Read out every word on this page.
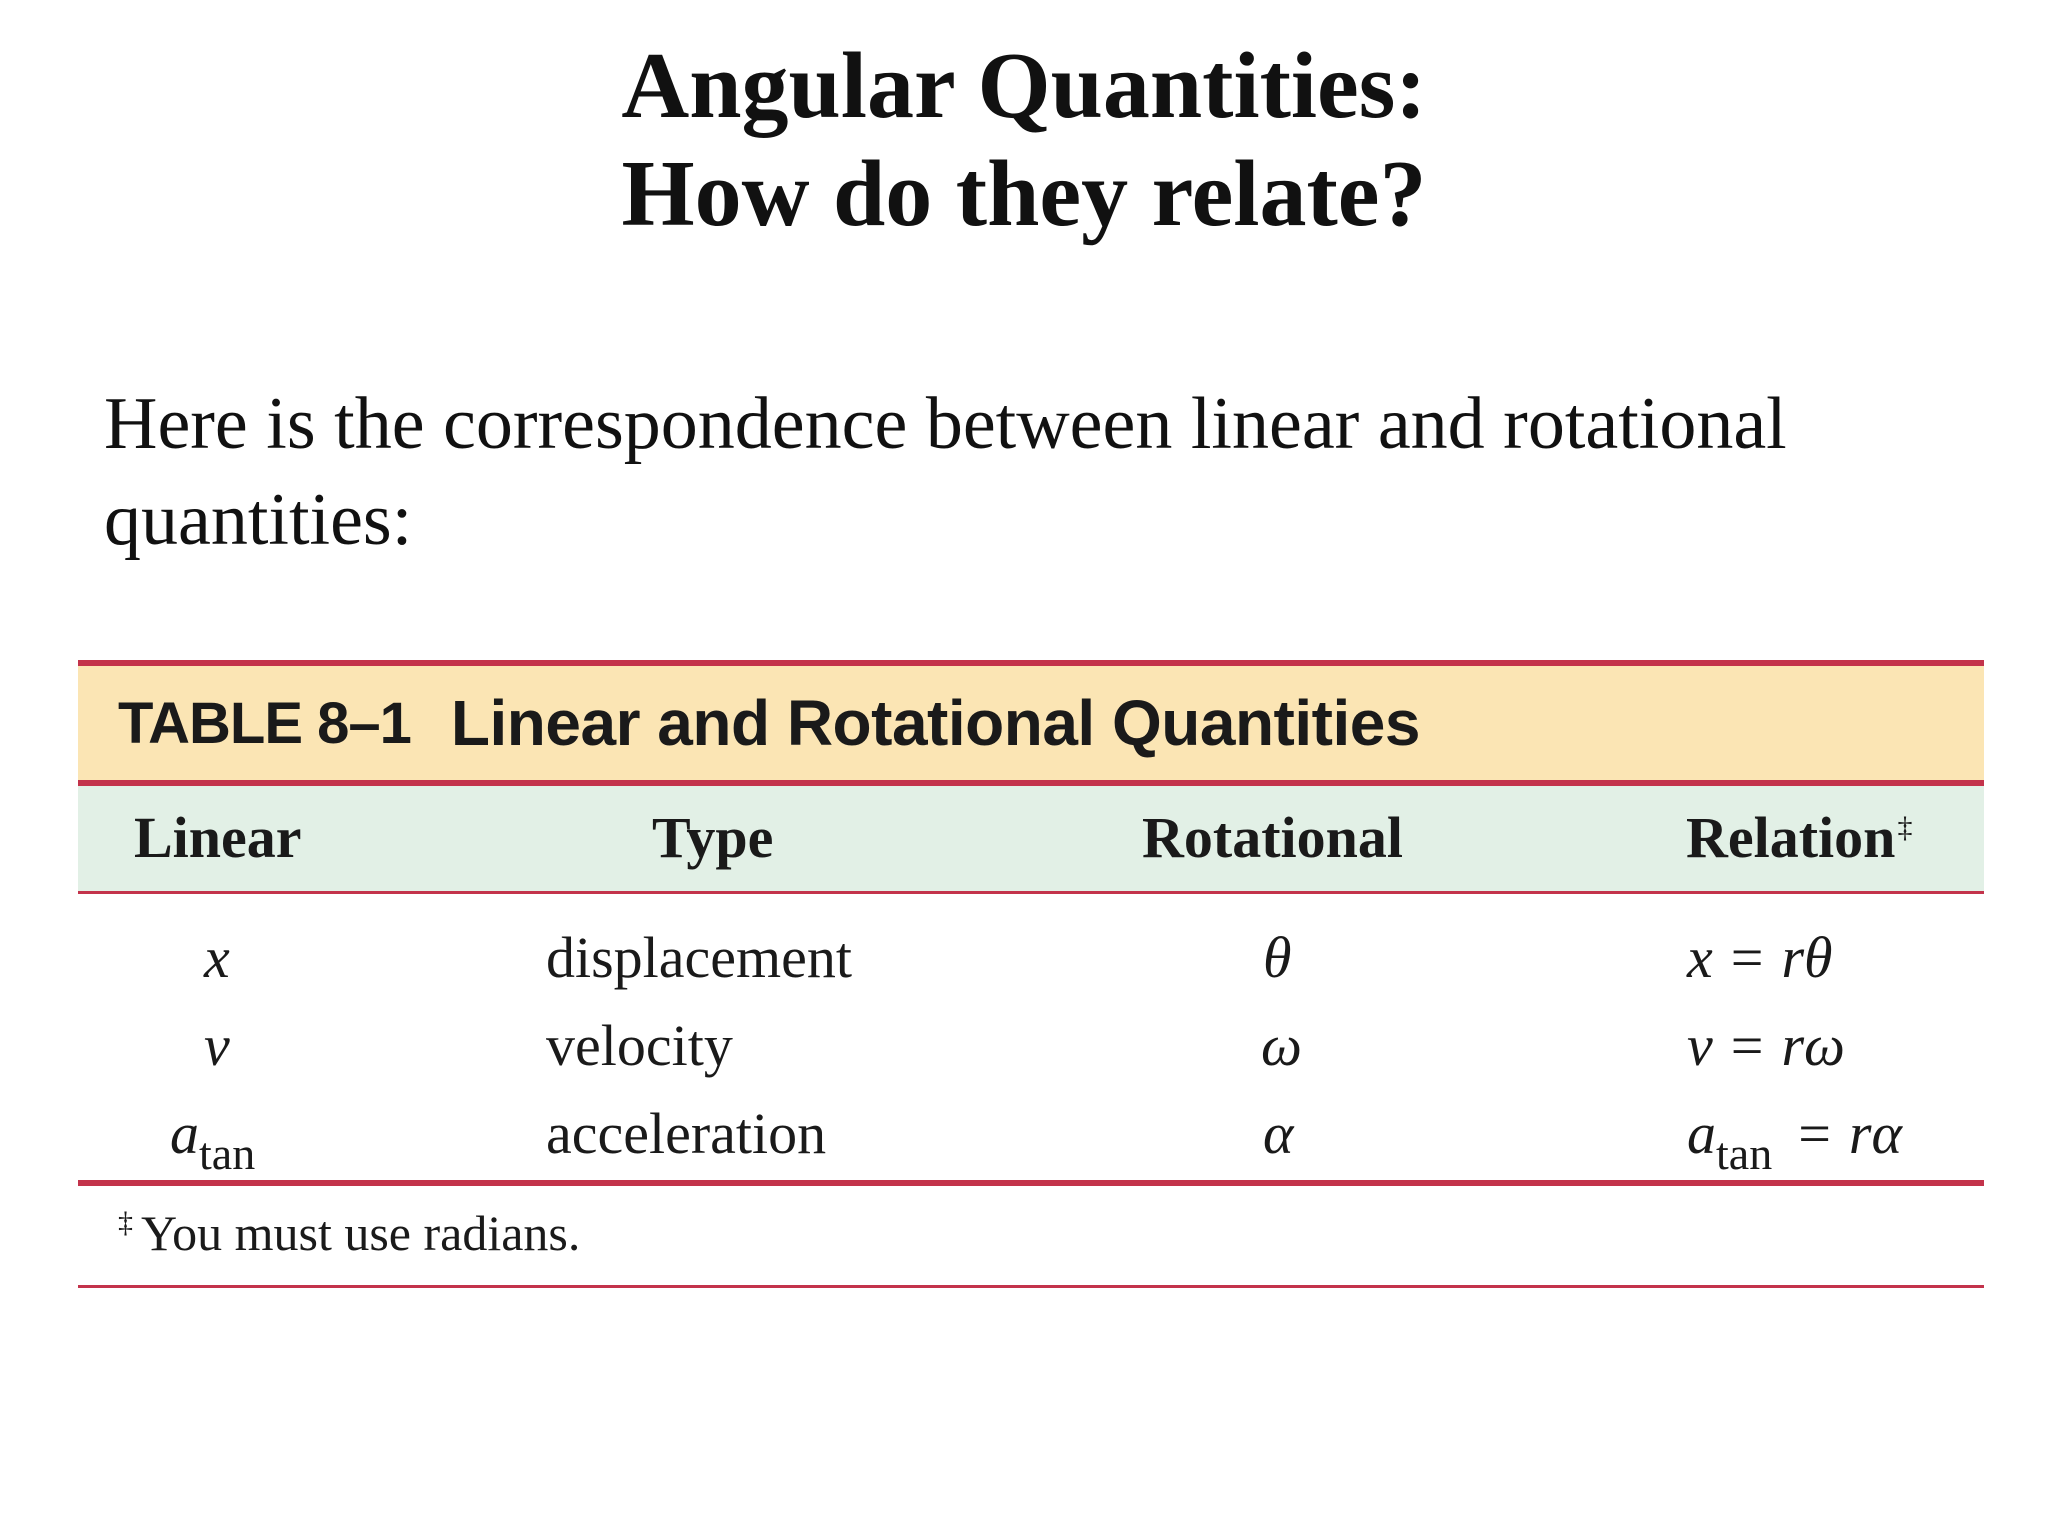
Angular Quantities:
How do they relate?
Here is the correspondence between linear and rotational quantities:
TABLE 8–1 Linear and Rotational Quantities
Linear	Type	Rotational	Relation‡
x	displacement	θ	x = rθ
v	velocity	ω	v = rω
$a_{tan}$	acceleration	α	$a_{tan} = r\alpha$
‡ You must use radians.
